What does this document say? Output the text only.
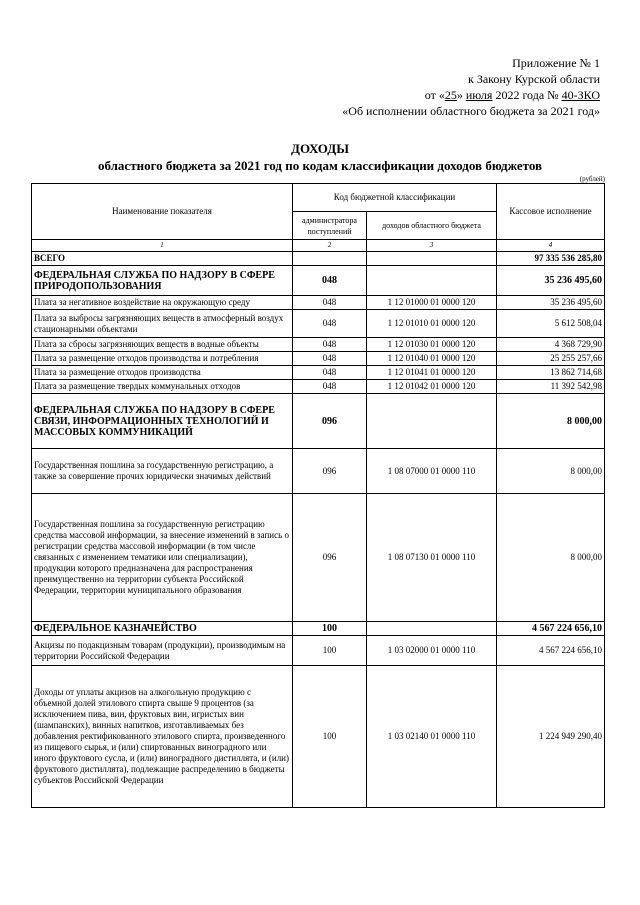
Приложение № 1
к Закону Курской области
от «25» июля 2022 года № 40-ЗКО
«Об исполнении областного бюджета за 2021 год»
ДОХОДЫ
областного бюджета за 2021 год по кодам классификации доходов бюджетов
(рублей)
Наименование показателя	Код бюджетной классификации		Кассовое исполнение
	администратора поступлений	доходов областного бюджета	
1	2	3	4
ВСЕГО			97 335 536 285,80
ФЕДЕРАЛЬНАЯ СЛУЖБА ПО НАДЗОРУ В СФЕРЕ ПРИРОДОПОЛЬЗОВАНИЯ	048		35 236 495,60
Плата за негативное воздействие на окружающую среду	048	1 12 01000 01 0000 120	35 236 495,60
Плата за выбросы загрязняющих веществ в атмосферный воздух стационарными объектами	048	1 12 01010 01 0000 120	5 612 508,04
Плата за сбросы загрязняющих веществ в водные объекты	048	1 12 01030 01 0000 120	4 368 729,90
Плата за размещение отходов производства и потребления	048	1 12 01040 01 0000 120	25 255 257,66
Плата за размещение отходов производства	048	1 12 01041 01 0000 120	13 862 714,68
Плата за размещение твердых коммунальных отходов	048	1 12 01042 01 0000 120	11 392 542,98
ФЕДЕРАЛЬНАЯ СЛУЖБА ПО НАДЗОРУ В СФЕРЕ СВЯЗИ, ИНФОРМАЦИОННЫХ ТЕХНОЛОГИЙ И МАССОВЫХ КОММУНИКАЦИЙ	096		8 000,00
Государственная пошлина за государственную регистрацию, а также за совершение прочих юридически значимых действий	096	1 08 07000 01 0000 110	8 000,00
Государственная пошлина за государственную регистрацию средства массовой информации, за внесение изменений в запись о регистрации средства массовой информации (в том числе связанных с изменением тематики или специализации), продукции которого предназначена для распространения преимущественно на территории субъекта Российской Федерации, территории муниципального образования	096	1 08 07130 01 0000 110	8 000,00
ФЕДЕРАЛЬНОЕ КАЗНАЧЕЙСТВО	100		4 567 224 656,10
Акцизы по подакцизным товарам (продукции), производимым на территории Российской Федерации	100	1 03 02000 01 0000 110	4 567 224 656,10
Доходы от уплаты акцизов на алкогольную продукцию с объемной долей этилового спирта свыше 9 процентов (за исключением пива, вин, фруктовых вин, игристых вин (шампанских), винных напитков, изготавливаемых без добавления ректификованного этилового спирта, произведенного из пищевого сырья, и (или) спиртованных виноградного или иного фруктового сусла, и (или) виноградного дистиллята, и (или) фруктового дистиллята), подлежащие распределению в бюджеты субъектов Российской Федерации	100	1 03 02140 01 0000 110	1 224 949 290,40
